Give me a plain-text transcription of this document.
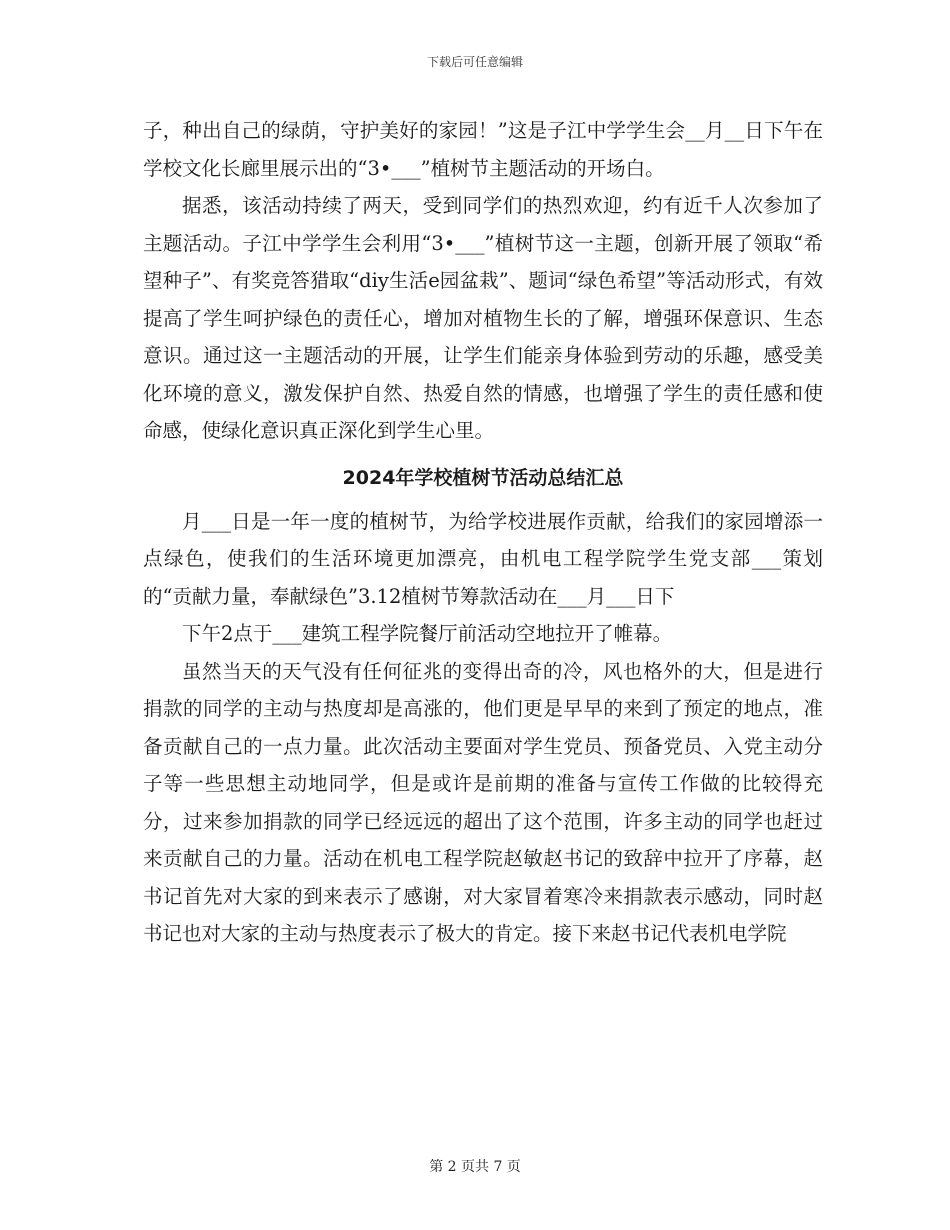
下载后可任意编辑

子，种出自己的绿荫，守护美好的家园！”这是子江中学学生会__月__日下午在学校文化长廊里展示出的“3•___”植树节主题活动的开场白。

据悉，该活动持续了两天，受到同学们的热烈欢迎，约有近千人次参加了主题活动。子江中学学生会利用“3•___”植树节这一主题，创新开展了领取“希望种子”、有奖竞答猎取“diy生活e园盆栽”、题词“绿色希望”等活动形式，有效提高了学生呵护绿色的责任心，增加对植物生长的了解，增强环保意识、生态意识。通过这一主题活动的开展，让学生们能亲身体验到劳动的乐趣，感受美化环境的意义，激发保护自然、热爱自然的情感，也增强了学生的责任感和使命感，使绿化意识真正深化到学生心里。

2024年学校植树节活动总结汇总

月___日是一年一度的植树节，为给学校进展作贡献，给我们的家园增添一点绿色，使我们的生活环境更加漂亮，由机电工程学院学生党支部___策划的“贡献力量，奉献绿色”3.12植树节筹款活动在___月___日下

下午2点于___建筑工程学院餐厅前活动空地拉开了帷幕。

虽然当天的天气没有任何征兆的变得出奇的冷，风也格外的大，但是进行捐款的同学的主动与热度却是高涨的，他们更是早早的来到了预定的地点，准备贡献自己的一点力量。此次活动主要面对学生党员、预备党员、入党主动分子等一些思想主动地同学，但是或许是前期的准备与宣传工作做的比较得充分，过来参加捐款的同学已经远远的超出了这个范围，许多主动的同学也赶过来贡献自己的力量。活动在机电工程学院赵敏赵书记的致辞中拉开了序幕，赵书记首先对大家的到来表示了感谢，对大家冒着寒冷来捐款表示感动，同时赵书记也对大家的主动与热度表示了极大的肯定。接下来赵书记代表机电学院

第 2 页共 7 页
